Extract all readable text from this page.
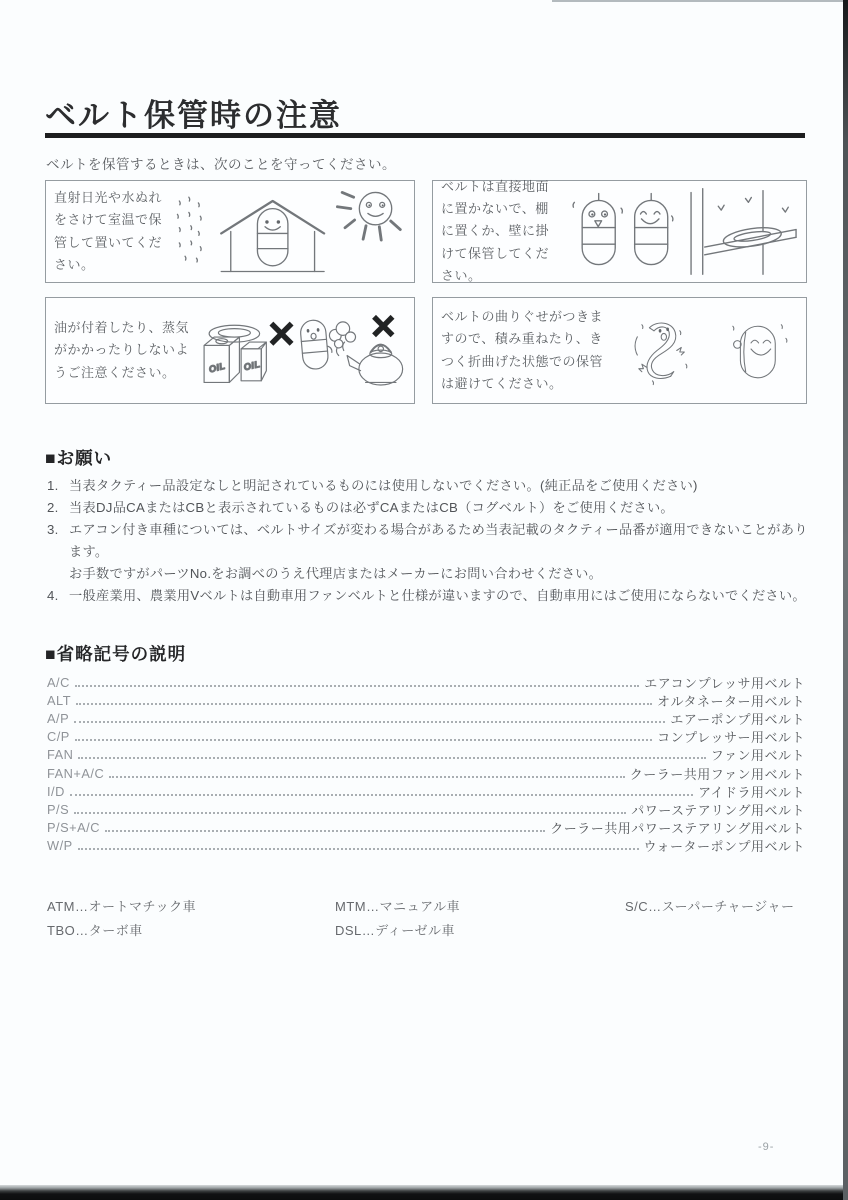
ベルト保管時の注意
ベルトを保管するときは、次のことを守ってください。
直射日光や水ぬれをさけて室温で保管して置いてください。
ベルトは直接地面に置かないで、棚に置くか、壁に掛けて保管してください。
油が付着したり、蒸気がかかったりしないようご注意ください。	OIL
OIL
ベルトの曲りぐせがつきますので、積み重ねたり、きつく折曲げた状態での保管は避けてください。
■お願い
1. 当表タクティー品設定なしと明記されているものには使用しないでください。(純正品をご使用ください)
2. 当表DJ品CAまたはCBと表示されているものは必ずCAまたはCB（コグベルト）をご使用ください。
3. エアコン付き車種については、ベルトサイズが変わる場合があるため当表記載のタクティー品番が適用できないことがあります。
お手数ですがパーツNo.をお調べのうえ代理店またはメーカーにお問い合わせください。
4. 一般産業用、農業用Vベルトは自動車用ファンベルトと仕様が違いますので、自動車用にはご使用にならないでください。
■省略記号の説明
A/C	エアコンプレッサ用ベルト
ALT	オルタネーター用ベルト
A/P	エアーポンプ用ベルト
C/P	コンプレッサー用ベルト
FAN	ファン用ベルト
FAN+A/C	クーラー共用ファン用ベルト
I/D	アイドラ用ベルト
P/S	パワーステアリング用ベルト
P/S+A/C	クーラー共用パワーステアリング用ベルト
W/P	ウォーターポンプ用ベルト
ATM…オートマチック車	MTM…マニュアル車	S/C…スーパーチャージャー
TBO…ターボ車	DSL…ディーゼル車
-9-
